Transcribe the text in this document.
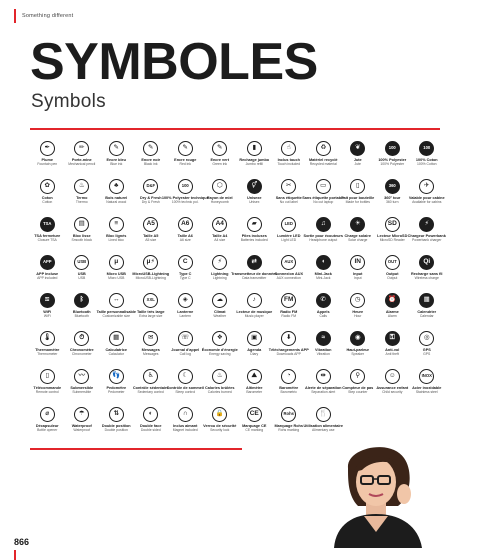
Something different
SYMBOLES
Symbols
✒
Plume
Fountain pen
✏
Porte-mine
Mechanical pencil
✎
Encre bleu
Blue ink
✎
Encre noir
Black ink
✎
Encre rouge
Red ink
✎
Encre vert
Green ink
▮
Recharge jumbo
Jumbo refill
☝
Inclus touch
Touch included
♻
Matériel recyclé
Recycled material
❦
Jute
Jute
100
100% Polyester
100% Polyester
100
100% Coton
100% Cotton
✿
Coton
Cotton
♨
Termo
Thermo
♣
Bois naturel
Natural wood
D&F
Dry & Fresh
Dry & Fresh
100
100% Polyester technique
100% technic pol.
⬡
Rayon de miel
Honeycomb
⚥
Unisexe
Unisex
✂
Sans étiquette
No cut label
▭
Sans étiquette portable
No cut laptop
▯
Fait pour bouteille
Made for bottles
360
360° tour
360 turn
✈
Valable pour cabine
Available for cabins
TSA
TSA fermeture
Closure TSA
▤
Bloc lisse
Smooth block
≡
Bloc lignés
Lined bloc
A5
Taille A5
A5 size
A6
Taille A6
A6 size
A4
Taille A4
A4 size
▰
Piles incluses
Batteries included
LED
Lumière LED
Light LED
♫
Sortie pour écouteurs
Headphone output
☀
Charge solaire
Solar charge
SD
Lecteur MicroSD
MicroSD Reader
⚡
Chargeur Powerbank
Powerbank charger
APP
APP incluse
APP included
USB
USB
USB
μ
Micro USB
Micro USB
μ⚡
MicroUSB-Lightning
MicroUSB-Lightning
C
Type C
Type C
⚡
Lightning
Lightning
⇄
Transmetteur de données
Data transmitter
AUX
Connexion AUX
AUX connection
◖
Mini-Jack
Mini-Jack
IN
Input
Input
OUT
Output
Output
Qi
Recharge sans fil
Wireless charge
≋
WiFi
WiFi
ᛒ
Bluetooth
Bluetooth
↔
Taille personnalisable
Customizable size
XXL
Taille très large
Extra large size
◈
Lanterne
Lantern
☁
Climat
Weather
♪
Lecteur de musique
Music player
FM
Radio FM
Radio FM
✆
Appels
Calls
◷
Heure
Hour
⏰
Alarme
Alarm
▦
Calendrier
Calendar
🌡
Thermomètre
Thermometer
⏱
Chronomètre
Chronometer
▦
Calculatrice
Calculator
✉
Messages
Messages
☏
Journal d'appel
Call log
❖
Économie d'énergie
Energy saving
▣
Agenda
Diary
⬇
Téléchargements APP
Downloads APP
≈
Vibration
Vibration
◉
Haut-parleur
Speaker
⚿
Anti-vol
Anti theft
◎
GPS
GPS
▯
Télécommande
Remote control
〰
Submersible
Submersible
👣
Pedomètre
Pedometer
♿
Contrôle sédentaire
Sedentary control
☾
Contrôle de sommeil
Sleep control
♨
Calories brûlées
Calories burned
⛰
Altimètre
Barometer
◔
Baromètre
Barometric
⇹
Alerte de séparation
Separation alert
⚲
Compteur de pas
Step counter
☺
Assurance enfant
Child security
INOX
Acier inoxidable
Stainless steel
⌀
Décapsuleur
Bottle opener
☂
Waterproof
Waterproof
⇅
Double position
Double position
◐
Double face
Double sided
∩
Inclus aimant
Magnet included
🔒
Verrou de sécurité
Security lock
CE
Marquage CE
CE marking
Rohs
Marquage Rohs
Rohs marking
🍴
Utilisation alimentaire
Alimentary use
866
